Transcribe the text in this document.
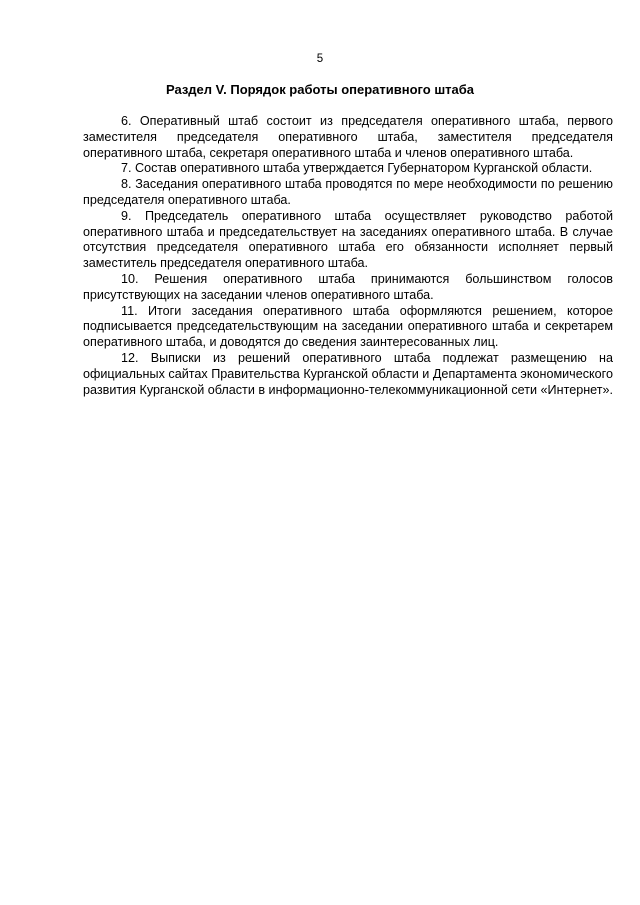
5
Раздел V. Порядок работы оперативного штаба

6. Оперативный штаб состоит из председателя оперативного штаба, первого заместителя председателя оперативного штаба, заместителя председателя оперативного штаба, секретаря оперативного штаба и членов оперативного штаба.

7. Состав оперативного штаба утверждается Губернатором Курганской области.

8. Заседания оперативного штаба проводятся по мере необходимости по решению председателя оперативного штаба.

9. Председатель оперативного штаба осуществляет руководство работой оперативного штаба и председательствует на заседаниях оперативного штаба. В случае отсутствия председателя оперативного штаба его обязанности исполняет первый заместитель председателя оперативного штаба.

10. Решения оперативного штаба принимаются большинством голосов присутствующих на заседании членов оперативного штаба.

11. Итоги заседания оперативного штаба оформляются решением, которое подписывается председательствующим на заседании оперативного штаба и секретарем оперативного штаба, и доводятся до сведения заинтересованных лиц.

12. Выписки из решений оперативного штаба подлежат размещению на официальных сайтах Правительства Курганской области и Департамента экономического развития Курганской области в информационно-телекоммуникационной сети «Интернет».
